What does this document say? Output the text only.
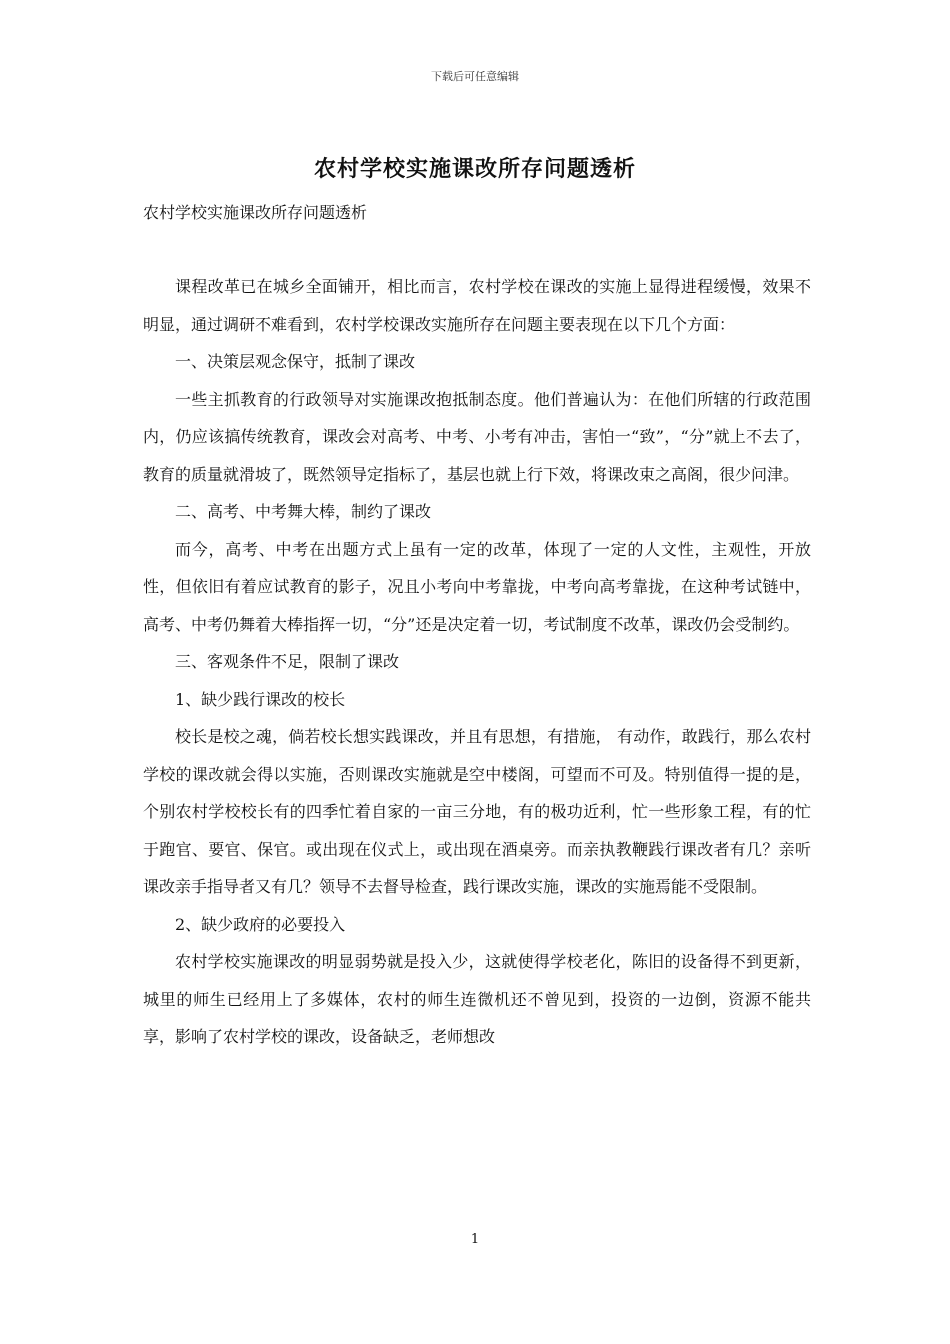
下载后可任意编辑
农村学校实施课改所存问题透析
农村学校实施课改所存问题透析

课程改革已在城乡全面铺开，相比而言，农村学校在课改的实施上显得进程缓慢，效果不明显，通过调研不难看到，农村学校课改实施所存在问题主要表现在以下几个方面：

一、决策层观念保守，抵制了课改

一些主抓教育的行政领导对实施课改抱抵制态度。他们普遍认为：在他们所辖的行政范围内，仍应该搞传统教育，课改会对高考、中考、小考有冲击，害怕一“致”，“分”就上不去了，教育的质量就滑坡了，既然领导定指标了，基层也就上行下效，将课改束之高阁，很少问津。

二、高考、中考舞大棒，制约了课改

而今，高考、中考在出题方式上虽有一定的改革，体现了一定的人文性，主观性，开放性，但依旧有着应试教育的影子，况且小考向中考靠拢，中考向高考靠拢，在这种考试链中，高考、中考仍舞着大棒指挥一切，“分”还是决定着一切，考试制度不改革，课改仍会受制约。

三、客观条件不足，限制了课改

1、缺少践行课改的校长

校长是校之魂，倘若校长想实践课改，并且有思想，有措施， 有动作，敢践行，那么农村学校的课改就会得以实施，否则课改实施就是空中楼阁，可望而不可及。特别值得一提的是，个别农村学校校长有的四季忙着自家的一亩三分地，有的极功近利，忙一些形象工程，有的忙于跑官、要官、保官。或出现在仪式上，或出现在酒桌旁。而亲执教鞭践行课改者有几？亲听课改亲手指导者又有几？领导不去督导检查，践行课改实施，课改的实施焉能不受限制。

2、缺少政府的必要投入

农村学校实施课改的明显弱势就是投入少，这就使得学校老化，陈旧的设备得不到更新，城里的师生已经用上了多媒体，农村的师生连微机还不曾见到，投资的一边倒，资源不能共享，影响了农村学校的课改，设备缺乏，老师想改

1
